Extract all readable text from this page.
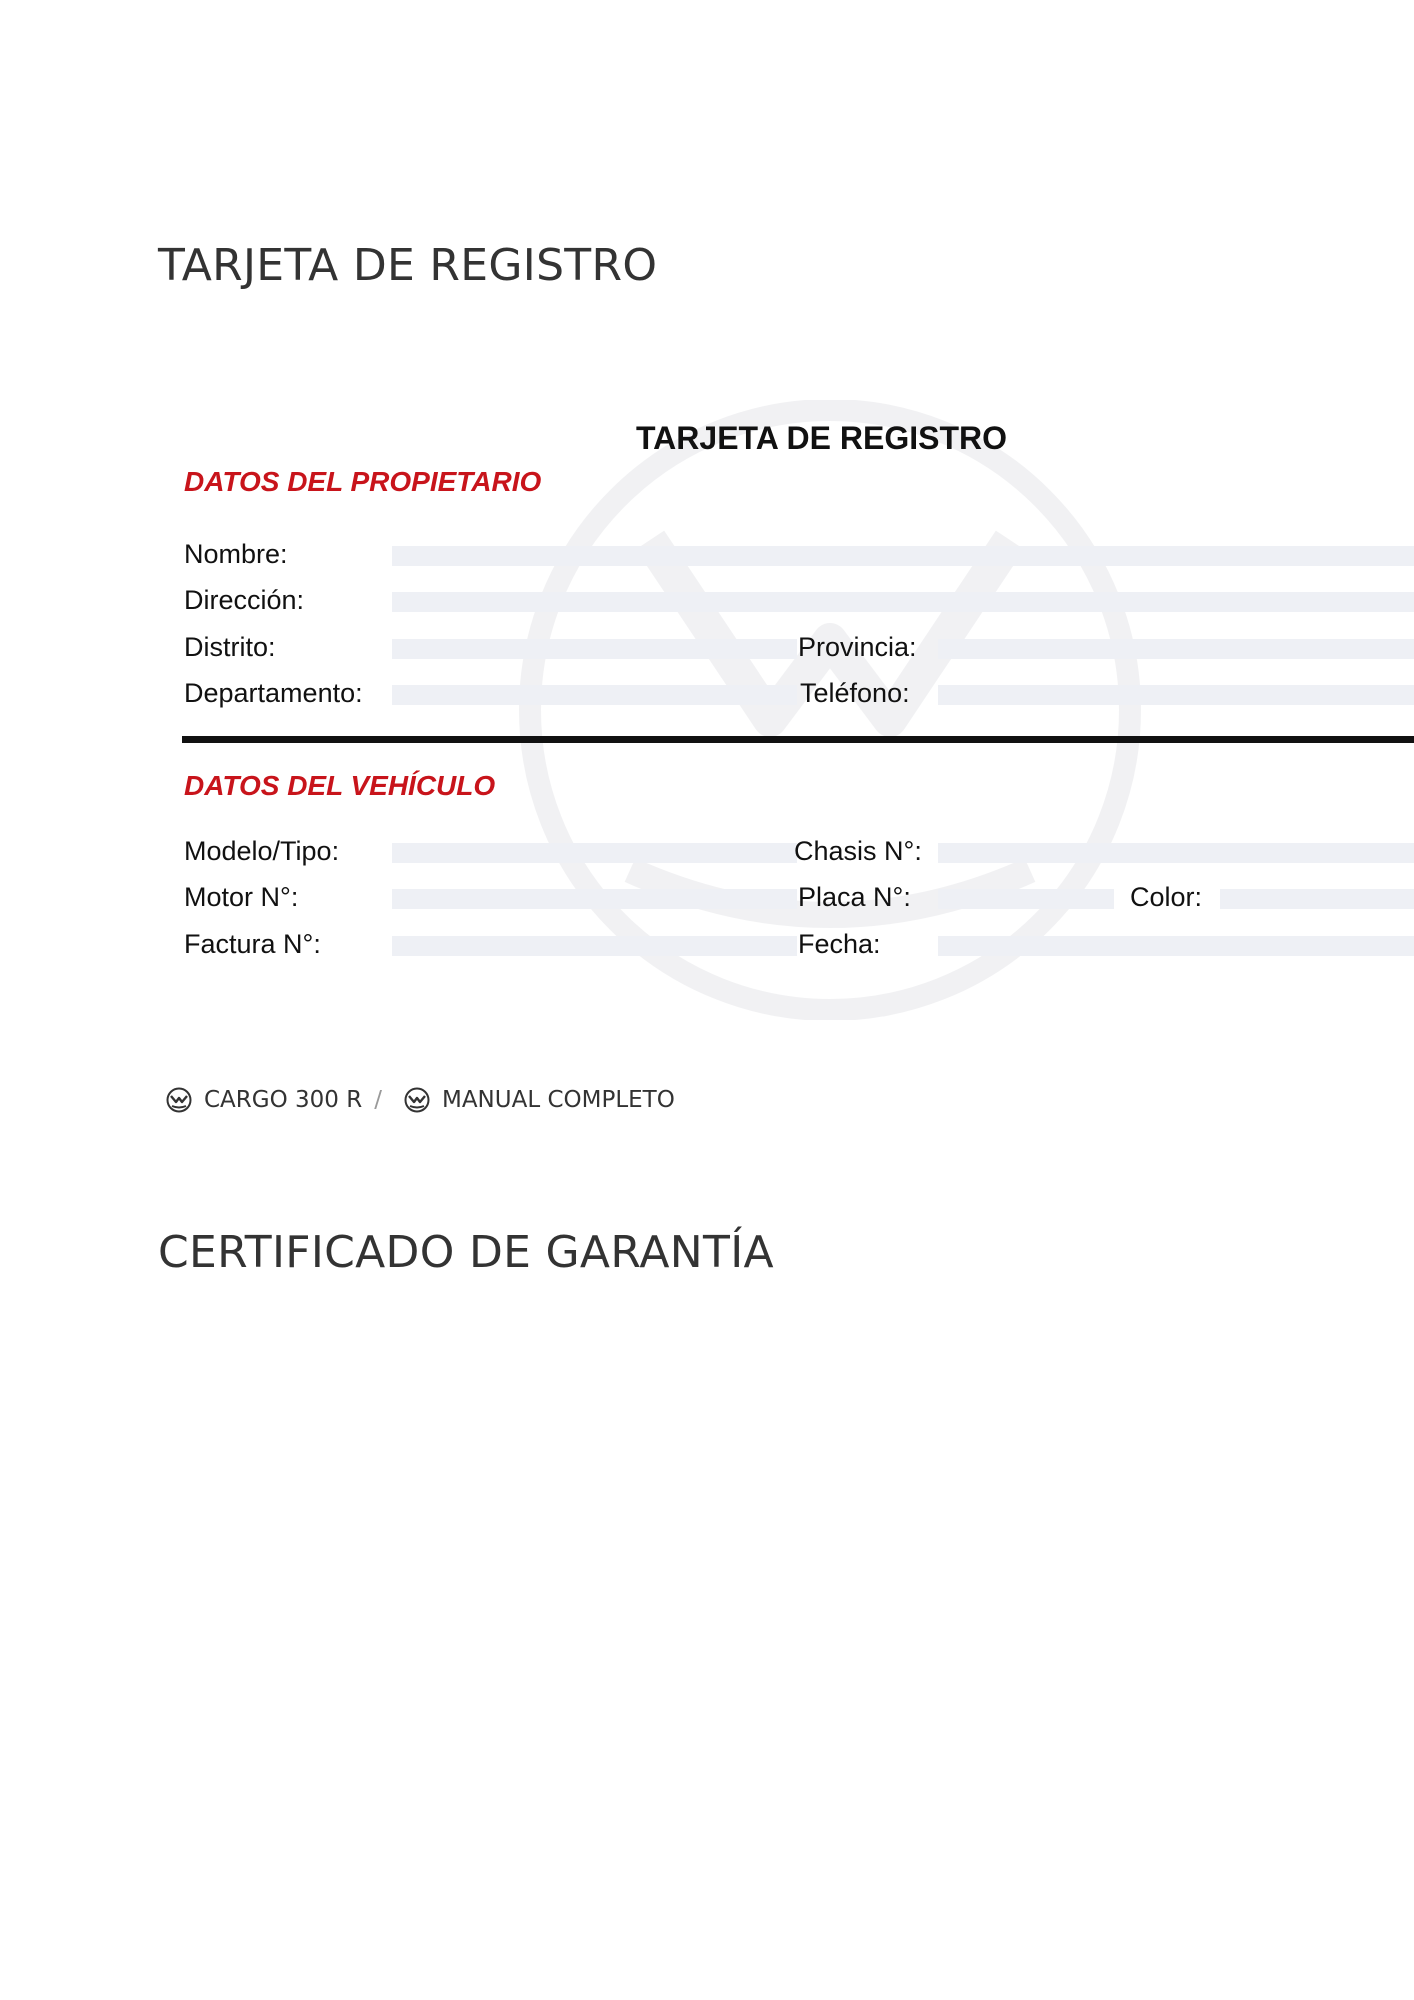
TARJETA DE REGISTRO
TARJETA DE REGISTRO
DATOS DEL PROPIETARIO
Nombre:
Dirección:
Distrito:	Provincia:
Departamento:	Teléfono:
DATOS DEL VEHÍCULO
Modelo/Tipo:	Chasis N°:
Motor N°:	Placa N°:	Color:
Factura N°:	Fecha:
CARGO 300 R /	MANUAL COMPLETO
CERTIFICADO DE GARANTÍA
